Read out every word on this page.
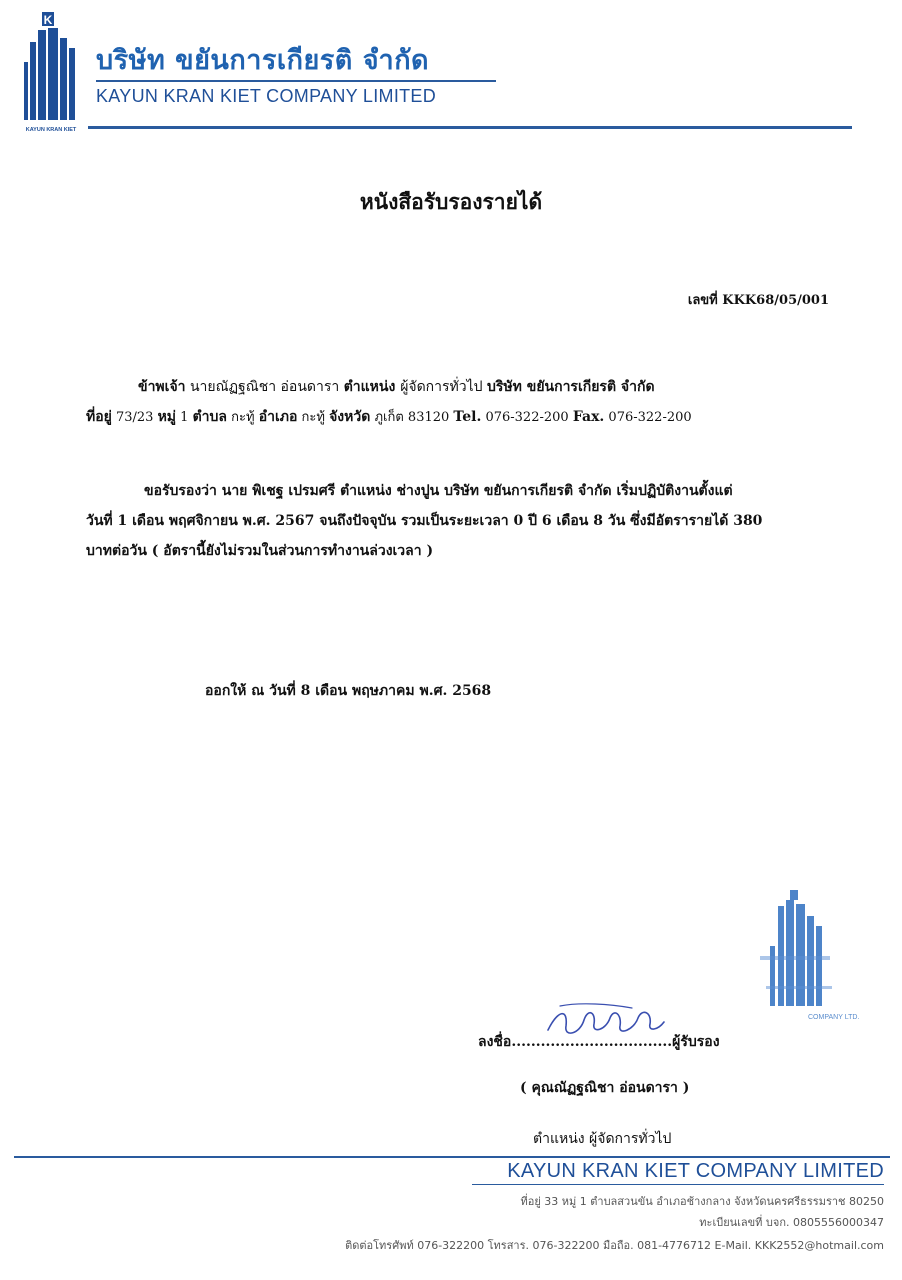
K
KAYUN KRAN KIET
บริษัท ขยันการเกียรติ จำกัด
KAYUN KRAN KIET COMPANY LIMITED
หนังสือรับรองรายได้
เลขที่ KKK68/05/001
ข้าพเจ้า นายณัฏฐณิชา อ่อนดารา ตำแหน่ง ผู้จัดการทั่วไป บริษัท ขยันการเกียรติ จำกัด
ที่อยู่ 73/23 หมู่ 1 ตำบล กะทู้ อำเภอ กะทู้ จังหวัด ภูเก็ต 83120 Tel. 076-322-200 Fax. 076-322-200
ขอรับรองว่า นาย พิเชฐ เปรมศรี ตำแหน่ง ช่างปูน บริษัท ขยันการเกียรติ จำกัด เริ่มปฏิบัติงานตั้งแต่
วันที่ 1 เดือน พฤศจิกายน พ.ศ. 2567 จนถึงปัจจุบัน รวมเป็นระยะเวลา 0 ปี 6 เดือน 8 วัน ซึ่งมีอัตรารายได้ 380
บาทต่อวัน ( อัตรานี้ยังไม่รวมในส่วนการทำงานล่วงเวลา )
ออกให้ ณ วันที่ 8 เดือน พฤษภาคม พ.ศ. 2568
COMPANY LTD.
ลงชื่อ.................................ผู้รับรอง
( คุณณัฏฐณิชา อ่อนดารา )
ตำแหน่ง ผู้จัดการทั่วไป
KAYUN KRAN KIET COMPANY LIMITED
ที่อยู่ 33 หมู่ 1 ตำบลสวนขัน อำเภอช้างกลาง จังหวัดนครศรีธรรมราช 80250
ทะเบียนเลขที่ บจก. 0805556000347
ติดต่อโทรศัพท์ 076-322200 โทรสาร. 076-322200 มือถือ. 081-4776712 E-Mail. KKK2552@hotmail.com
